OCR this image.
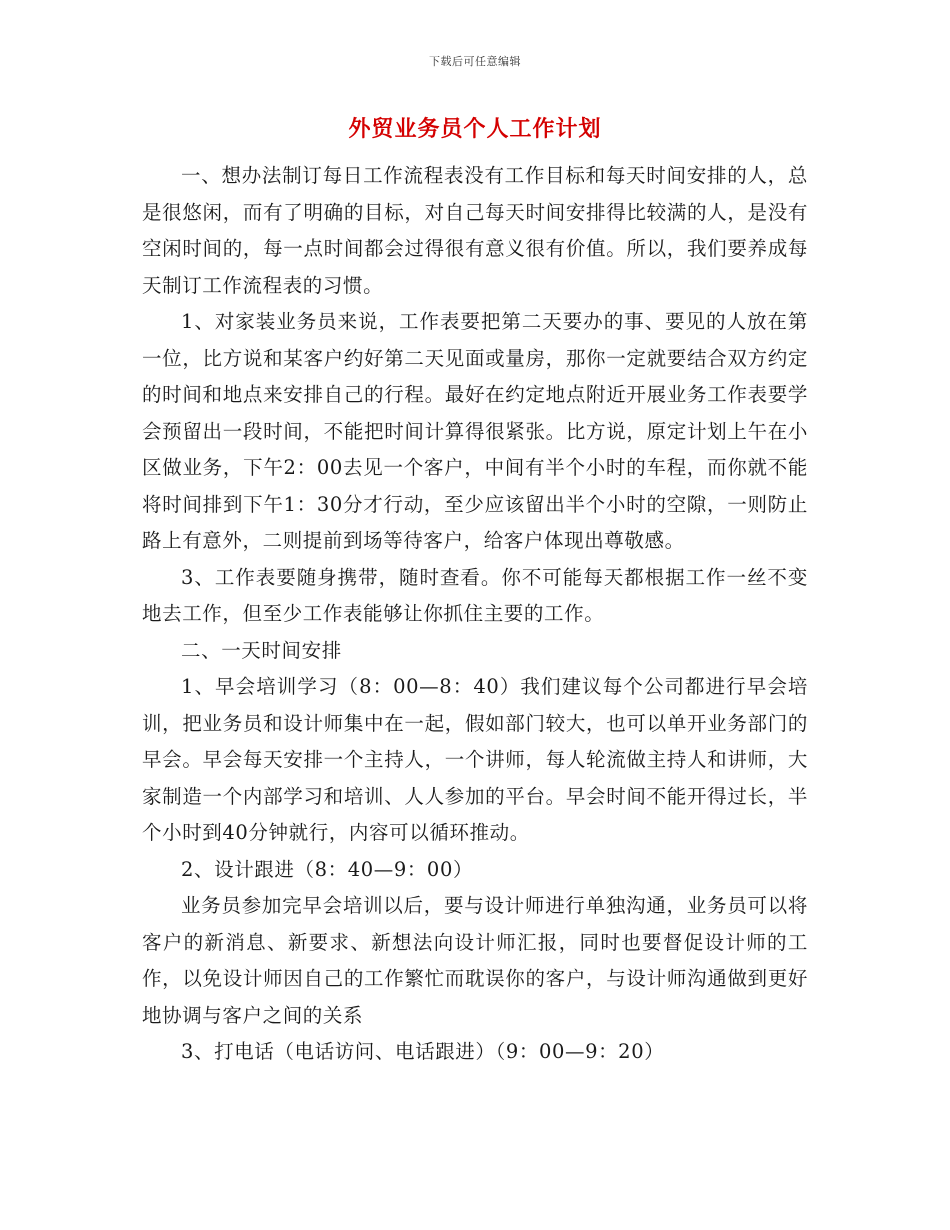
下载后可任意编辑
外贸业务员个人工作计划

一、想办法制订每日工作流程表没有工作目标和每天时间安排的人，总是很悠闲，而有了明确的目标，对自己每天时间安排得比较满的人，是没有空闲时间的，每一点时间都会过得很有意义很有价值。所以，我们要养成每天制订工作流程表的习惯。

1、对家装业务员来说，工作表要把第二天要办的事、要见的人放在第一位，比方说和某客户约好第二天见面或量房，那你一定就要结合双方约定的时间和地点来安排自己的行程。最好在约定地点附近开展业务工作表要学会预留出一段时间，不能把时间计算得很紧张。比方说，原定计划上午在小区做业务，下午2：00去见一个客户，中间有半个小时的车程，而你就不能将时间排到下午1：30分才行动，至少应该留出半个小时的空隙，一则防止路上有意外，二则提前到场等待客户，给客户体现出尊敬感。

3、工作表要随身携带，随时查看。你不可能每天都根据工作一丝不变地去工作，但至少工作表能够让你抓住主要的工作。

二、一天时间安排

1、早会培训学习（8：00—8：40）我们建议每个公司都进行早会培训，把业务员和设计师集中在一起，假如部门较大，也可以单开业务部门的早会。早会每天安排一个主持人，一个讲师，每人轮流做主持人和讲师，大家制造一个内部学习和培训、人人参加的平台。早会时间不能开得过长，半个小时到40分钟就行，内容可以循环推动。

2、设计跟进（8：40—9：00）

业务员参加完早会培训以后，要与设计师进行单独沟通，业务员可以将客户的新消息、新要求、新想法向设计师汇报，同时也要督促设计师的工作，以免设计师因自己的工作繁忙而耽误你的客户，与设计师沟通做到更好地协调与客户之间的关系

3、打电话（电话访问、电话跟进）（9：00—9：20）
